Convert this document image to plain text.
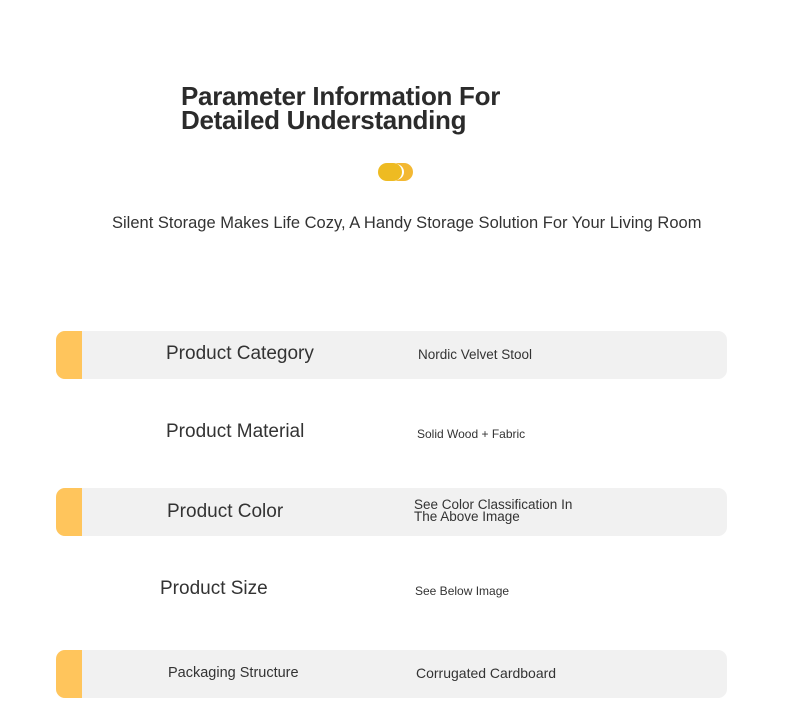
Parameter Information For
Detailed Understanding

Silent Storage Makes Life Cozy, A Handy Storage Solution For Your Living Room

Product Category	Nordic Velvet Stool
Product Material	Solid Wood + Fabric
Product Color	See Color Classification In
The Above Image
Product Size	See Below Image
Packaging Structure	Corrugated Cardboard
